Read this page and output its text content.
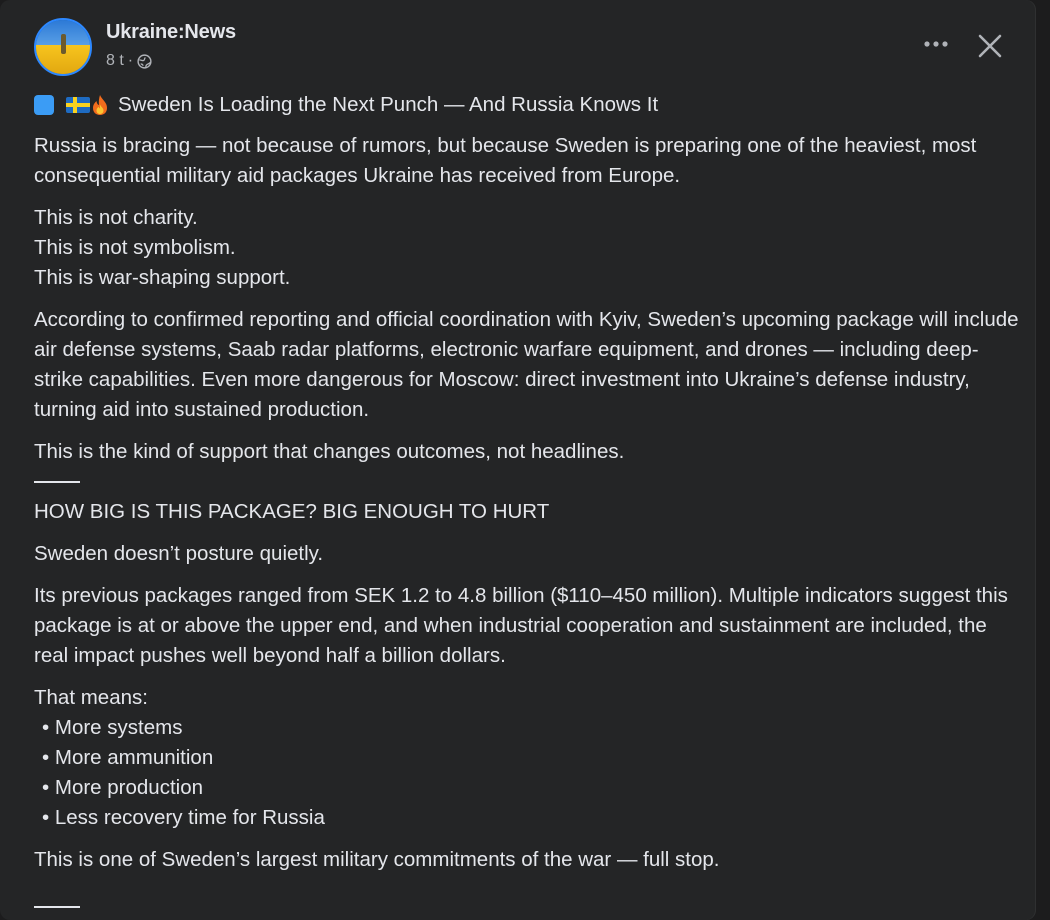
Ukraine:News
8 t ·
Sweden Is Loading the Next Punch — And Russia Knows It

Russia is bracing — not because of rumors, but because Sweden is preparing one of the heaviest, most consequential military aid packages Ukraine has received from Europe.

This is not charity.
This is not symbolism.
This is war-shaping support.

According to confirmed reporting and official coordination with Kyiv, Sweden’s upcoming package will include air defense systems, Saab radar platforms, electronic warfare equipment, and drones — including deep-strike capabilities. Even more dangerous for Moscow: direct investment into Ukraine’s defense industry, turning aid into sustained production.

This is the kind of support that changes outcomes, not headlines.

HOW BIG IS THIS PACKAGE? BIG ENOUGH TO HURT

Sweden doesn’t posture quietly.

Its previous packages ranged from SEK 1.2 to 4.8 billion ($110–450 million). Multiple indicators suggest this package is at or above the upper end, and when industrial cooperation and sustainment are included, the real impact pushes well beyond half a billion dollars.

That means:
• More systems
• More ammunition
• More production
• Less recovery time for Russia

This is one of Sweden’s largest military commitments of the war — full stop.
